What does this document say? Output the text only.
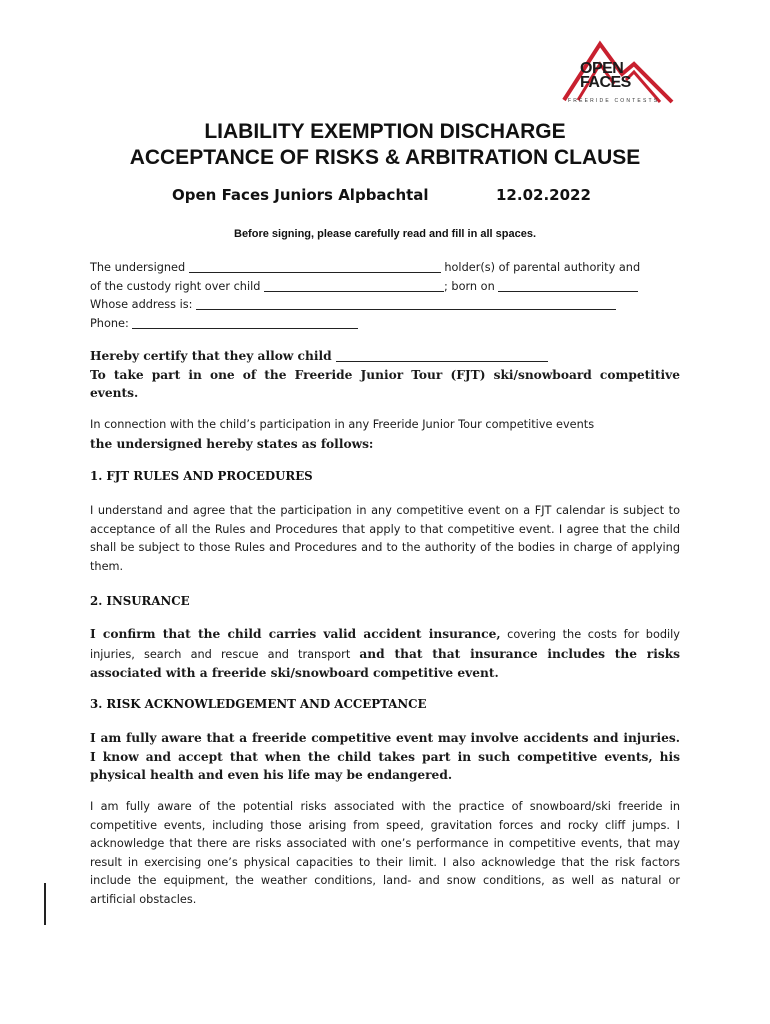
OPEN
FACES
FREERIDE CONTESTS
LIABILITY EXEMPTION DISCHARGE
ACCEPTANCE OF RISKS & ARBITRATION CLAUSE
Open Faces Juniors Alpbachtal	12.02.2022
Before signing, please carefully read and fill in all spaces.
The undersigned	holder(s) of parental authority and
of the custody right over child	; born on
Whose address is:
Phone:
Hereby certify that they allow child
To take part in one of the Freeride Junior Tour (FJT) ski/snowboard competitive events.
In connection with the child’s participation in any Freeride Junior Tour competitive events
the undersigned hereby states as follows:
1. FJT RULES AND PROCEDURES
I understand and agree that the participation in any competitive event on a FJT calendar is subject to acceptance of all the Rules and Procedures that apply to that competitive event. I agree that the child shall be subject to those Rules and Procedures and to the authority of the bodies in charge of applying them.
2. INSURANCE
I confirm that the child carries valid accident insurance, covering the costs for bodily injuries, search and rescue and transport and that that insurance includes the risks associated with a freeride ski/snowboard competitive event.
3. RISK ACKNOWLEDGEMENT AND ACCEPTANCE
I am fully aware that a freeride competitive event may involve accidents and injuries. I know and accept that when the child takes part in such competitive events, his physical health and even his life may be endangered.
I am fully aware of the potential risks associated with the practice of snowboard/ski freeride in competitive events, including those arising from speed, gravitation forces and rocky cliff jumps. I acknowledge that there are risks associated with one’s performance in competitive events, that may result in exercising one’s physical capacities to their limit. I also acknowledge that the risk factors include the equipment, the weather conditions, land- and snow conditions, as well as natural or artificial obstacles.
